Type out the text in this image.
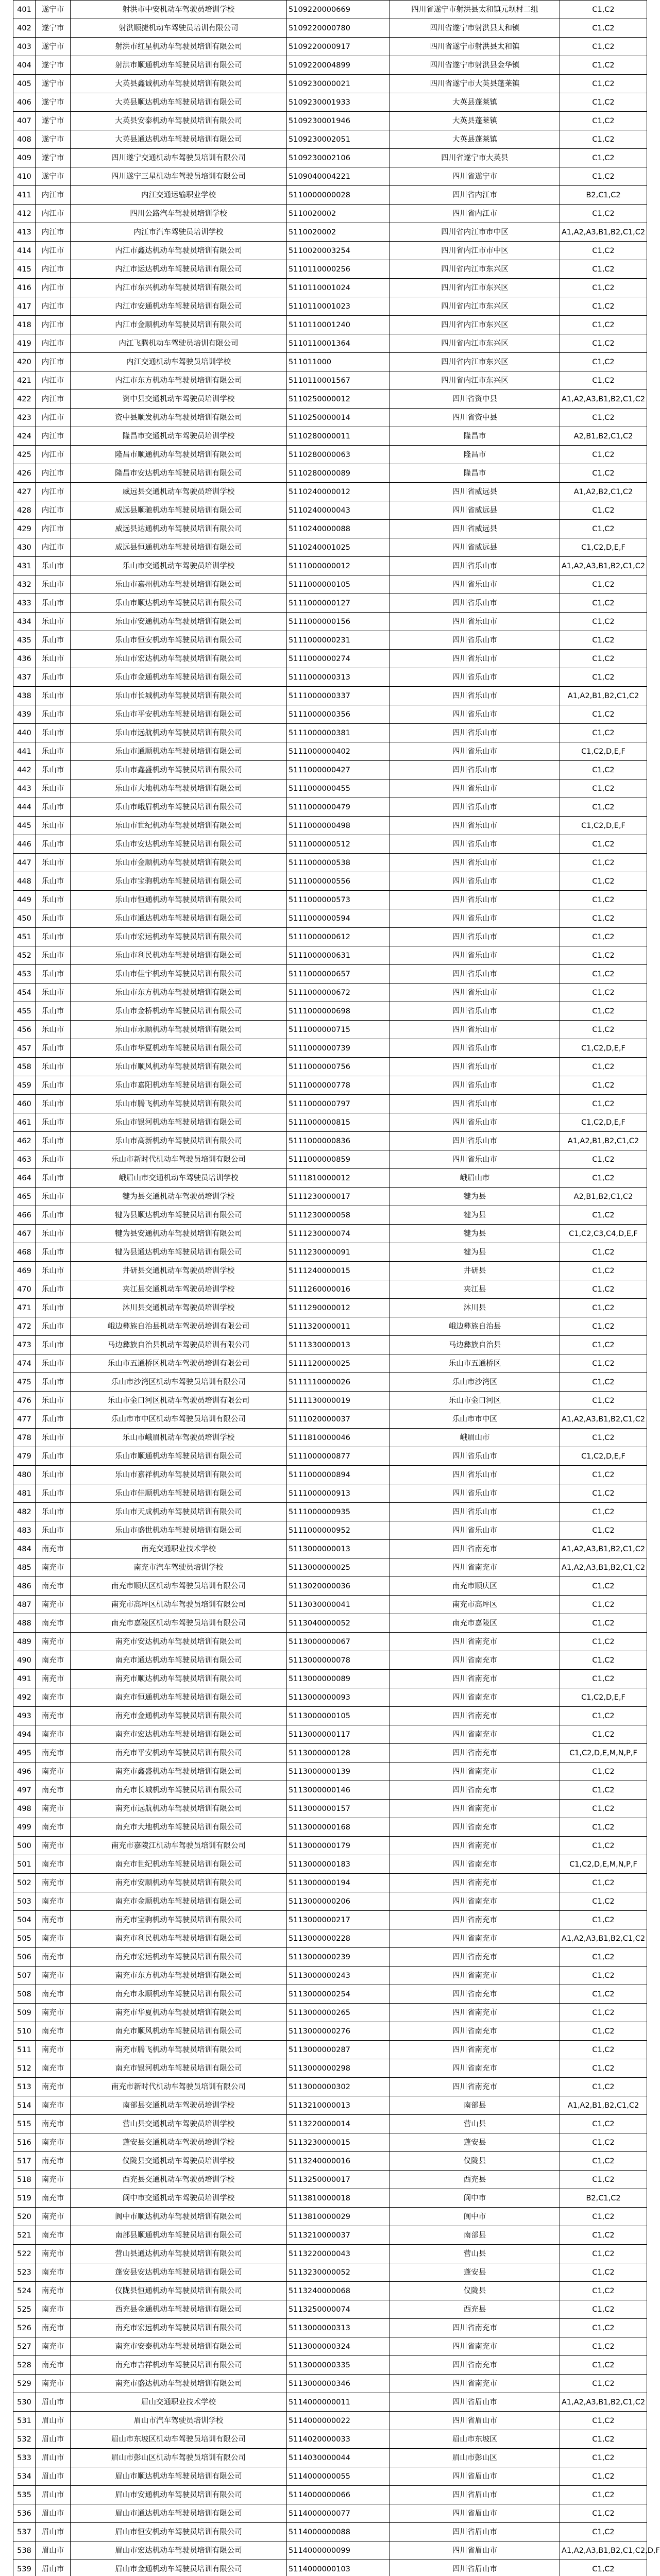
401	遂宁市	射洪市中安机动车驾驶员培训学校	5109220000669	四川省遂宁市射洪县太和镇元坝村二组	C1,C2
402	遂宁市	射洪顺捷机动车驾驶员培训有限公司	5109220000780	四川省遂宁市射洪县太和镇	C1,C2
403	遂宁市	射洪市红星机动车驾驶员培训有限公司	5109220000917	四川省遂宁市射洪县太和镇	C1,C2
404	遂宁市	射洪市顺通机动车驾驶员培训有限公司	5109220004899	四川省遂宁市射洪县金华镇	C1,C2
405	遂宁市	大英县鑫诚机动车驾驶员培训有限公司	5109230000021	四川省遂宁市大英县蓬莱镇	C1,C2
406	遂宁市	大英县顺达机动车驾驶员培训有限公司	5109230001933	大英县蓬莱镇	C1,C2
407	遂宁市	大英县安泰机动车驾驶员培训有限公司	5109230001946	大英县蓬莱镇	C1,C2
408	遂宁市	大英县通达机动车驾驶员培训有限公司	5109230002051	大英县蓬莱镇	C1,C2
409	遂宁市	四川遂宁交通机动车驾驶员培训有限公司	5109230002106	四川省遂宁市大英县	C1,C2
410	遂宁市	四川遂宁三星机动车驾驶员培训有限公司	5109040004221	四川省遂宁市	C1,C2
411	内江市	内江交通运输职业学校	5110000000028	四川省内江市	B2,C1,C2
412	内江市	四川公路汽车驾驶员培训学校	5110020002	四川省内江市	C1,C2
413	内江市	内江市汽车驾驶员培训学校	5110020002	四川省内江市市中区	A1,A2,A3,B1,B2,C1,C2
414	内江市	内江市鑫达机动车驾驶员培训有限公司	5110020003254	四川省内江市市中区	C1,C2
415	内江市	内江市运达机动车驾驶员培训有限公司	5110110000256	四川省内江市东兴区	C1,C2
416	内江市	内江市东兴机动车驾驶员培训有限公司	5110110001024	四川省内江市东兴区	C1,C2
417	内江市	内江市安通机动车驾驶员培训有限公司	5110110001023	四川省内江市东兴区	C1,C2
418	内江市	内江市金顺机动车驾驶员培训有限公司	5110110001240	四川省内江市东兴区	C1,C2
419	内江市	内江飞腾机动车驾驶员培训有限公司	5110110001364	四川省内江市东兴区	C1,C2
420	内江市	内江交通机动车驾驶员培训学校	511011000	四川省内江市东兴区	C1,C2
421	内江市	内江市东方机动车驾驶员培训有限公司	5110110001567	四川省内江市东兴区	C1,C2
422	内江市	资中县交通机动车驾驶员培训学校	5110250000012	四川省资中县	A1,A2,A3,B1,B2,C1,C2
423	内江市	资中县顺发机动车驾驶员培训有限公司	5110250000014	四川省资中县	C1,C2
424	内江市	隆昌市交通机动车驾驶员培训学校	5110280000011	隆昌市	A2,B1,B2,C1,C2
425	内江市	隆昌市顺通机动车驾驶员培训有限公司	5110280000063	隆昌市	C1,C2
426	内江市	隆昌市安达机动车驾驶员培训有限公司	5110280000089	隆昌市	C1,C2
427	内江市	威远县交通机动车驾驶员培训学校	5110240000012	四川省威远县	A1,A2,B2,C1,C2
428	内江市	威远县顺驰机动车驾驶员培训有限公司	5110240000043	四川省威远县	C1,C2
429	内江市	威远县达通机动车驾驶员培训有限公司	5110240000088	四川省威远县	C1,C2
430	内江市	威远县恒通机动车驾驶员培训有限公司	5110240001025	四川省威远县	C1,C2,D,E,F
431	乐山市	乐山市交通机动车驾驶员培训学校	5111000000012	四川省乐山市	A1,A2,A3,B1,B2,C1,C2
432	乐山市	乐山市嘉州机动车驾驶员培训有限公司	5111000000105	四川省乐山市	C1,C2
433	乐山市	乐山市顺达机动车驾驶员培训有限公司	5111000000127	四川省乐山市	C1,C2
434	乐山市	乐山市安通机动车驾驶员培训有限公司	5111000000156	四川省乐山市	C1,C2
435	乐山市	乐山市恒安机动车驾驶员培训有限公司	5111000000231	四川省乐山市	C1,C2
436	乐山市	乐山市宏达机动车驾驶员培训有限公司	5111000000274	四川省乐山市	C1,C2
437	乐山市	乐山市金通机动车驾驶员培训有限公司	5111000000313	四川省乐山市	C1,C2
438	乐山市	乐山市长城机动车驾驶员培训有限公司	5111000000337	四川省乐山市	A1,A2,B1,B2,C1,C2
439	乐山市	乐山市平安机动车驾驶员培训有限公司	5111000000356	四川省乐山市	C1,C2
440	乐山市	乐山市远航机动车驾驶员培训有限公司	5111000000381	四川省乐山市	C1,C2
441	乐山市	乐山市通顺机动车驾驶员培训有限公司	5111000000402	四川省乐山市	C1,C2,D,E,F
442	乐山市	乐山市鑫盛机动车驾驶员培训有限公司	5111000000427	四川省乐山市	C1,C2
443	乐山市	乐山市大地机动车驾驶员培训有限公司	5111000000455	四川省乐山市	C1,C2
444	乐山市	乐山市峨眉机动车驾驶员培训有限公司	5111000000479	四川省乐山市	C1,C2
445	乐山市	乐山市世纪机动车驾驶员培训有限公司	5111000000498	四川省乐山市	C1,C2,D,E,F
446	乐山市	乐山市安达机动车驾驶员培训有限公司	5111000000512	四川省乐山市	C1,C2
447	乐山市	乐山市金顺机动车驾驶员培训有限公司	5111000000538	四川省乐山市	C1,C2
448	乐山市	乐山市宝驹机动车驾驶员培训有限公司	5111000000556	四川省乐山市	C1,C2
449	乐山市	乐山市恒通机动车驾驶员培训有限公司	5111000000573	四川省乐山市	C1,C2
450	乐山市	乐山市通达机动车驾驶员培训有限公司	5111000000594	四川省乐山市	C1,C2
451	乐山市	乐山市宏运机动车驾驶员培训有限公司	5111000000612	四川省乐山市	C1,C2
452	乐山市	乐山市利民机动车驾驶员培训有限公司	5111000000631	四川省乐山市	C1,C2
453	乐山市	乐山市佳宇机动车驾驶员培训有限公司	5111000000657	四川省乐山市	C1,C2
454	乐山市	乐山市东方机动车驾驶员培训有限公司	5111000000672	四川省乐山市	C1,C2
455	乐山市	乐山市金桥机动车驾驶员培训有限公司	5111000000698	四川省乐山市	C1,C2
456	乐山市	乐山市永顺机动车驾驶员培训有限公司	5111000000715	四川省乐山市	C1,C2
457	乐山市	乐山市华夏机动车驾驶员培训有限公司	5111000000739	四川省乐山市	C1,C2,D,E,F
458	乐山市	乐山市顺风机动车驾驶员培训有限公司	5111000000756	四川省乐山市	C1,C2
459	乐山市	乐山市嘉阳机动车驾驶员培训有限公司	5111000000778	四川省乐山市	C1,C2
460	乐山市	乐山市腾飞机动车驾驶员培训有限公司	5111000000797	四川省乐山市	C1,C2
461	乐山市	乐山市银河机动车驾驶员培训有限公司	5111000000815	四川省乐山市	C1,C2,D,E,F
462	乐山市	乐山市高新机动车驾驶员培训有限公司	5111000000836	四川省乐山市	A1,A2,B1,B2,C1,C2
463	乐山市	乐山市新时代机动车驾驶员培训有限公司	5111000000859	四川省乐山市	C1,C2
464	乐山市	峨眉山市交通机动车驾驶员培训学校	5111810000012	峨眉山市	C1,C2
465	乐山市	犍为县交通机动车驾驶员培训学校	5111230000017	犍为县	A2,B1,B2,C1,C2
466	乐山市	犍为县顺达机动车驾驶员培训有限公司	5111230000058	犍为县	C1,C2
467	乐山市	犍为县安通机动车驾驶员培训有限公司	5111230000074	犍为县	C1,C2,C3,C4,D,E,F
468	乐山市	犍为县通达机动车驾驶员培训有限公司	5111230000091	犍为县	C1,C2
469	乐山市	井研县交通机动车驾驶员培训学校	5111240000015	井研县	C1,C2
470	乐山市	夹江县交通机动车驾驶员培训学校	5111260000016	夹江县	C1,C2
471	乐山市	沐川县交通机动车驾驶员培训学校	5111290000012	沐川县	C1,C2
472	乐山市	峨边彝族自治县机动车驾驶员培训有限公司	5111320000011	峨边彝族自治县	C1,C2
473	乐山市	马边彝族自治县机动车驾驶员培训有限公司	5111330000013	马边彝族自治县	C1,C2
474	乐山市	乐山市五通桥区机动车驾驶员培训有限公司	5111120000025	乐山市五通桥区	C1,C2
475	乐山市	乐山市沙湾区机动车驾驶员培训有限公司	5111110000026	乐山市沙湾区	C1,C2
476	乐山市	乐山市金口河区机动车驾驶员培训有限公司	5111130000019	乐山市金口河区	C1,C2
477	乐山市	乐山市市中区机动车驾驶员培训有限公司	5111020000037	乐山市市中区	A1,A2,A3,B1,B2,C1,C2
478	乐山市	乐山市峨眉机动车驾驶员培训学校	5111810000046	峨眉山市	C1,C2
479	乐山市	乐山市顺通机动车驾驶员培训有限公司	5111000000877	四川省乐山市	C1,C2,D,E,F
480	乐山市	乐山市嘉祥机动车驾驶员培训有限公司	5111000000894	四川省乐山市	C1,C2
481	乐山市	乐山市佳顺机动车驾驶员培训有限公司	5111000000913	四川省乐山市	C1,C2
482	乐山市	乐山市天成机动车驾驶员培训有限公司	5111000000935	四川省乐山市	C1,C2
483	乐山市	乐山市盛世机动车驾驶员培训有限公司	5111000000952	四川省乐山市	C1,C2
484	南充市	南充交通职业技术学校	5113000000013	四川省南充市	A1,A2,A3,B1,B2,C1,C2
485	南充市	南充市汽车驾驶员培训学校	5113000000025	四川省南充市	A1,A2,A3,B1,B2,C1,C2
486	南充市	南充市顺庆区机动车驾驶员培训有限公司	5113020000036	南充市顺庆区	C1,C2
487	南充市	南充市高坪区机动车驾驶员培训有限公司	5113030000041	南充市高坪区	C1,C2
488	南充市	南充市嘉陵区机动车驾驶员培训有限公司	5113040000052	南充市嘉陵区	C1,C2
489	南充市	南充市安达机动车驾驶员培训有限公司	5113000000067	四川省南充市	C1,C2
490	南充市	南充市通达机动车驾驶员培训有限公司	5113000000078	四川省南充市	C1,C2
491	南充市	南充市顺达机动车驾驶员培训有限公司	5113000000089	四川省南充市	C1,C2
492	南充市	南充市恒通机动车驾驶员培训有限公司	5113000000093	四川省南充市	C1,C2,D,E,F
493	南充市	南充市金通机动车驾驶员培训有限公司	5113000000105	四川省南充市	C1,C2
494	南充市	南充市宏达机动车驾驶员培训有限公司	5113000000117	四川省南充市	C1,C2
495	南充市	南充市平安机动车驾驶员培训有限公司	5113000000128	四川省南充市	C1,C2,D,E,M,N,P,F
496	南充市	南充市鑫盛机动车驾驶员培训有限公司	5113000000139	四川省南充市	C1,C2
497	南充市	南充市长城机动车驾驶员培训有限公司	5113000000146	四川省南充市	C1,C2
498	南充市	南充市远航机动车驾驶员培训有限公司	5113000000157	四川省南充市	C1,C2
499	南充市	南充市大地机动车驾驶员培训有限公司	5113000000168	四川省南充市	C1,C2
500	南充市	南充市嘉陵江机动车驾驶员培训有限公司	5113000000179	四川省南充市	C1,C2
501	南充市	南充市世纪机动车驾驶员培训有限公司	5113000000183	四川省南充市	C1,C2,D,E,M,N,P,F
502	南充市	南充市安顺机动车驾驶员培训有限公司	5113000000194	四川省南充市	C1,C2
503	南充市	南充市金顺机动车驾驶员培训有限公司	5113000000206	四川省南充市	C1,C2
504	南充市	南充市宝驹机动车驾驶员培训有限公司	5113000000217	四川省南充市	C1,C2
505	南充市	南充市利民机动车驾驶员培训有限公司	5113000000228	四川省南充市	A1,A2,A3,B1,B2,C1,C2
506	南充市	南充市宏运机动车驾驶员培训有限公司	5113000000239	四川省南充市	C1,C2
507	南充市	南充市东方机动车驾驶员培训有限公司	5113000000243	四川省南充市	C1,C2
508	南充市	南充市永顺机动车驾驶员培训有限公司	5113000000254	四川省南充市	C1,C2
509	南充市	南充市华夏机动车驾驶员培训有限公司	5113000000265	四川省南充市	C1,C2
510	南充市	南充市顺风机动车驾驶员培训有限公司	5113000000276	四川省南充市	C1,C2
511	南充市	南充市腾飞机动车驾驶员培训有限公司	5113000000287	四川省南充市	C1,C2
512	南充市	南充市银河机动车驾驶员培训有限公司	5113000000298	四川省南充市	C1,C2
513	南充市	南充市新时代机动车驾驶员培训有限公司	5113000000302	四川省南充市	C1,C2
514	南充市	南部县交通机动车驾驶员培训学校	5113210000013	南部县	A1,A2,B1,B2,C1,C2
515	南充市	营山县交通机动车驾驶员培训学校	5113220000014	营山县	C1,C2
516	南充市	蓬安县交通机动车驾驶员培训学校	5113230000015	蓬安县	C1,C2
517	南充市	仪陇县交通机动车驾驶员培训学校	5113240000016	仪陇县	C1,C2
518	南充市	西充县交通机动车驾驶员培训学校	5113250000017	西充县	C1,C2
519	南充市	阆中市交通机动车驾驶员培训学校	5113810000018	阆中市	B2,C1,C2
520	南充市	阆中市顺达机动车驾驶员培训有限公司	5113810000029	阆中市	C1,C2
521	南充市	南部县顺通机动车驾驶员培训有限公司	5113210000037	南部县	C1,C2
522	南充市	营山县通达机动车驾驶员培训有限公司	5113220000043	营山县	C1,C2
523	南充市	蓬安县安达机动车驾驶员培训有限公司	5113230000052	蓬安县	C1,C2
524	南充市	仪陇县恒通机动车驾驶员培训有限公司	5113240000068	仪陇县	C1,C2
525	南充市	西充县金通机动车驾驶员培训有限公司	5113250000074	西充县	C1,C2
526	南充市	南充市宏远机动车驾驶员培训有限公司	5113000000313	四川省南充市	C1,C2
527	南充市	南充市安泰机动车驾驶员培训有限公司	5113000000324	四川省南充市	C1,C2
528	南充市	南充市吉祥机动车驾驶员培训有限公司	5113000000335	四川省南充市	C1,C2
529	南充市	南充市盛达机动车驾驶员培训有限公司	5113000000346	四川省南充市	C1,C2
530	眉山市	眉山交通职业技术学校	5114000000011	四川省眉山市	A1,A2,A3,B1,B2,C1,C2
531	眉山市	眉山市汽车驾驶员培训学校	5114000000022	四川省眉山市	C1,C2
532	眉山市	眉山市东坡区机动车驾驶员培训有限公司	5114020000033	眉山市东坡区	C1,C2
533	眉山市	眉山市彭山区机动车驾驶员培训有限公司	5114030000044	眉山市彭山区	C1,C2
534	眉山市	眉山市顺达机动车驾驶员培训有限公司	5114000000055	四川省眉山市	C1,C2
535	眉山市	眉山市安通机动车驾驶员培训有限公司	5114000000066	四川省眉山市	C1,C2
536	眉山市	眉山市通达机动车驾驶员培训有限公司	5114000000077	四川省眉山市	C1,C2
537	眉山市	眉山市恒安机动车驾驶员培训有限公司	5114000000088	四川省眉山市	C1,C2
538	眉山市	眉山市宏达机动车驾驶员培训有限公司	5114000000099	四川省眉山市	A1,A2,A3,B1,B2,C1,C2,D,F
539	眉山市	眉山市金通机动车驾驶员培训有限公司	5114000000103	四川省眉山市	C1,C2
